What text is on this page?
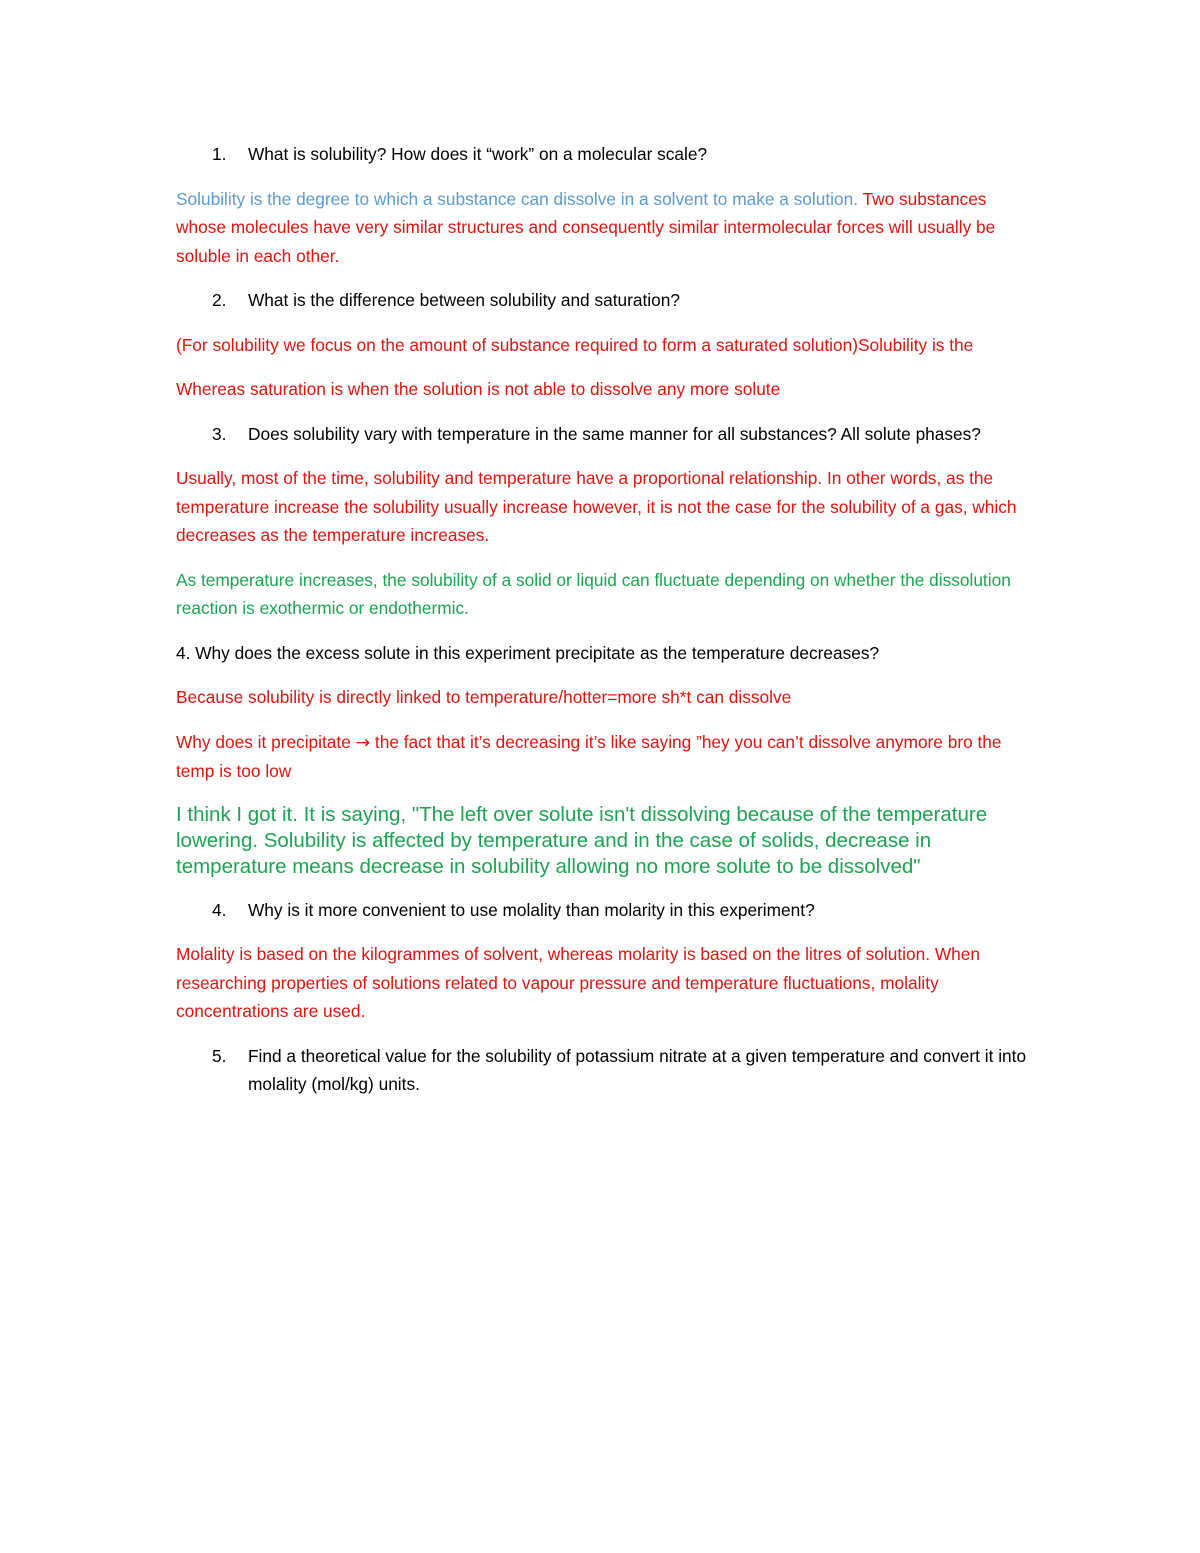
1.	What is solubility? How does it “work” on a molecular scale?

Solubility is the degree to which a substance can dissolve in a solvent to make a solution. Two substances whose molecules have very similar structures and consequently similar intermolecular forces will usually be soluble in each other.

2.	What is the difference between solubility and saturation?

(For solubility we focus on the amount of substance required to form a saturated solution)Solubility is the

Whereas saturation is when the solution is not able to dissolve any more solute

3.	Does solubility vary with temperature in the same manner for all substances? All solute phases?

Usually, most of the time, solubility and temperature have a proportional relationship. In other words, as the temperature increase the solubility usually increase however, it is not the case for the solubility of a gas, which decreases as the temperature increases.

As temperature increases, the solubility of a solid or liquid can fluctuate depending on whether the dissolution reaction is exothermic or endothermic.

4. Why does the excess solute in this experiment precipitate as the temperature decreases?

Because solubility is directly linked to temperature/hotter=more sh*t can dissolve

Why does it precipitate → the fact that it’s decreasing it’s like saying ”hey you can’t dissolve anymore bro the temp is too low

I think I got it. It is saying, "The left over solute isn't dissolving because of the temperature lowering. Solubility is affected by temperature and in the case of solids, decrease in temperature means decrease in solubility allowing no more solute to be dissolved"

4.	Why is it more convenient to use molality than molarity in this experiment?

Molality is based on the kilogrammes of solvent, whereas molarity is based on the litres of solution. When researching properties of solutions related to vapour pressure and temperature fluctuations, molality concentrations are used.

5.	Find a theoretical value for the solubility of potassium nitrate at a given temperature and convert it into molality (mol/kg) units.
